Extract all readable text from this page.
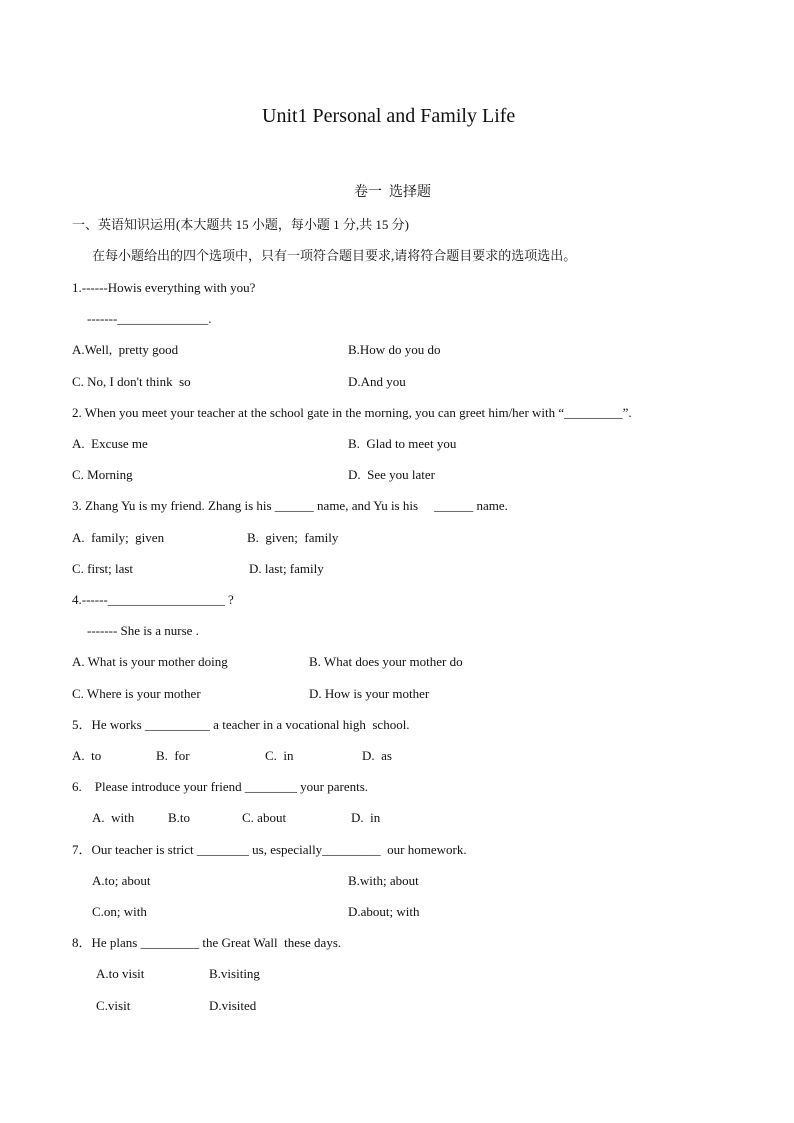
Unit1 Personal and Family Life
卷一  选择题
一、英语知识运用(本大题共 15 小题，每小题 1 分,共 15 分)
在每小题给出的四个选项中，只有一项符合题目要求,请将符合题目要求的选项选出。
1.------Howis everything with you?
-------______________.
A.Well,  pretty good	B.How do you do
C. No, I don't think  so	D.And you
2. When you meet your teacher at the school gate in the morning, you can greet him/her with “_________”.
A.  Excuse me	B.  Glad to meet you
C. Morning	D.  See you later
3. Zhang Yu is my friend. Zhang is his ______ name, and Yu is his     ______ name.
A.  family;  given	B.  given;  family
C. first; last	D. last; family
4.------__________________ ?
------- She is a nurse .
A. What is your mother doing	B. What does your mother do
C. Where is your mother	D. How is your mother
5．He works __________ a teacher in a vocational high  school.
A.  to	B.  for	C.  in	D.  as
6.    Please introduce your friend ________ your parents.
A.  with	B.to	C. about	D.  in
7．Our teacher is strict ________ us, especially_________  our homework.
A.to; about	B.with; about
C.on; with	D.about; with
8．He plans _________ the Great Wall  these days.
A.to visit	B.visiting
C.visit	D.visited
